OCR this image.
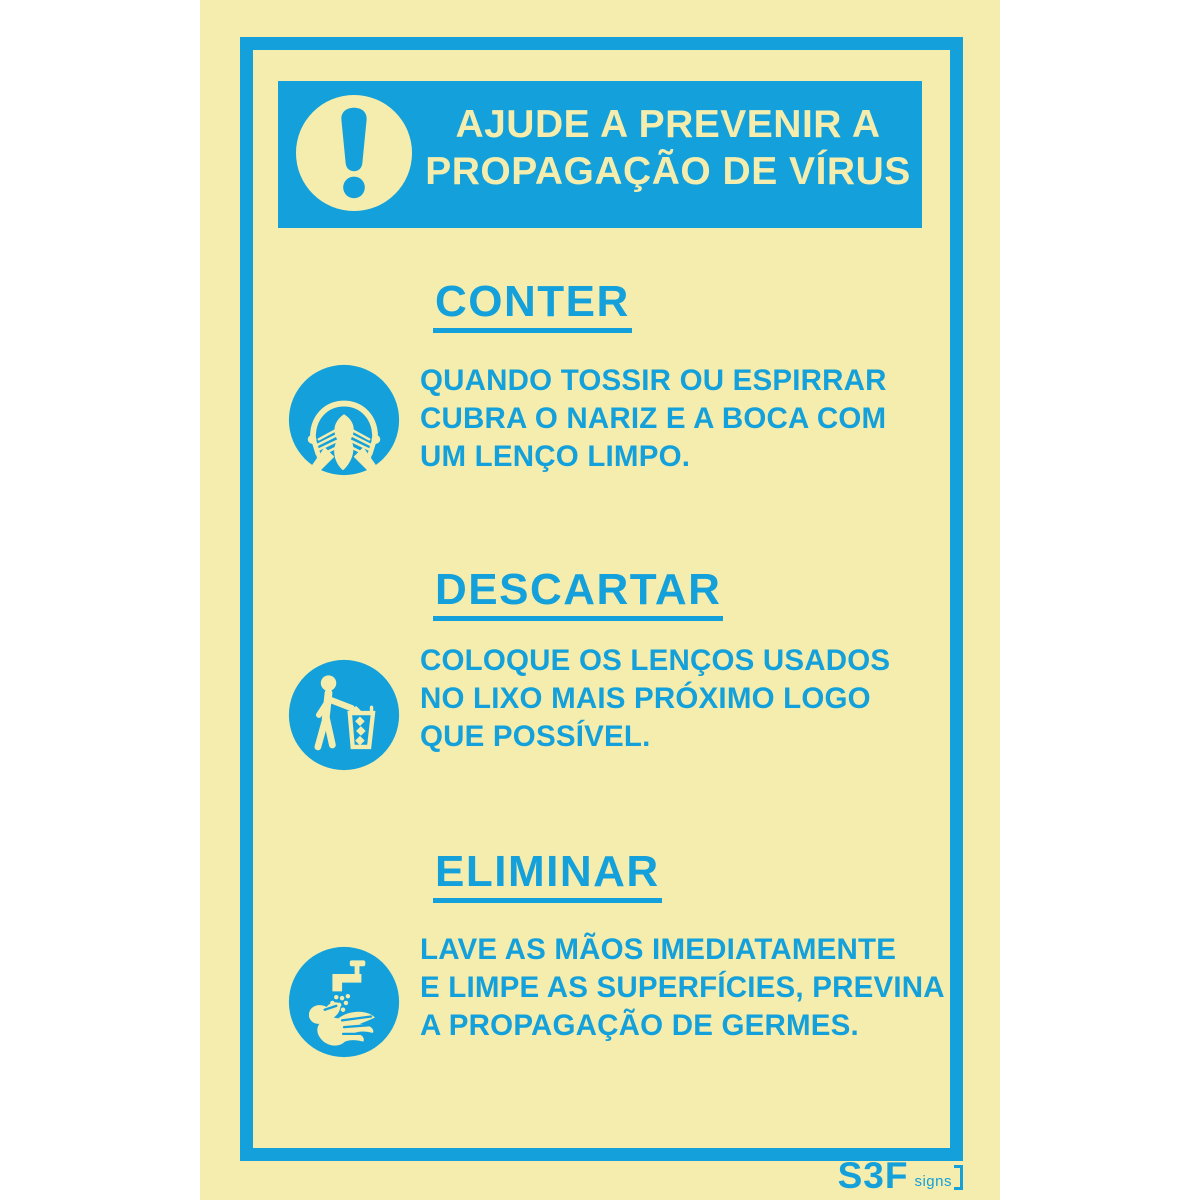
AJUDE A PREVENIR A
PROPAGAÇÃO DE VÍRUS
CONTER
QUANDO TOSSIR OU ESPIRRAR
CUBRA O NARIZ E A BOCA COM
UM LENÇO LIMPO.
DESCARTAR
COLOQUE OS LENÇOS USADOS
NO LIXO MAIS PRÓXIMO LOGO
QUE POSSÍVEL.
ELIMINAR
LAVE AS MÃOS IMEDIATAMENTE
E LIMPE AS SUPERFÍCIES, PREVINA
A PROPAGAÇÃO DE GERMES.
S3F signs
